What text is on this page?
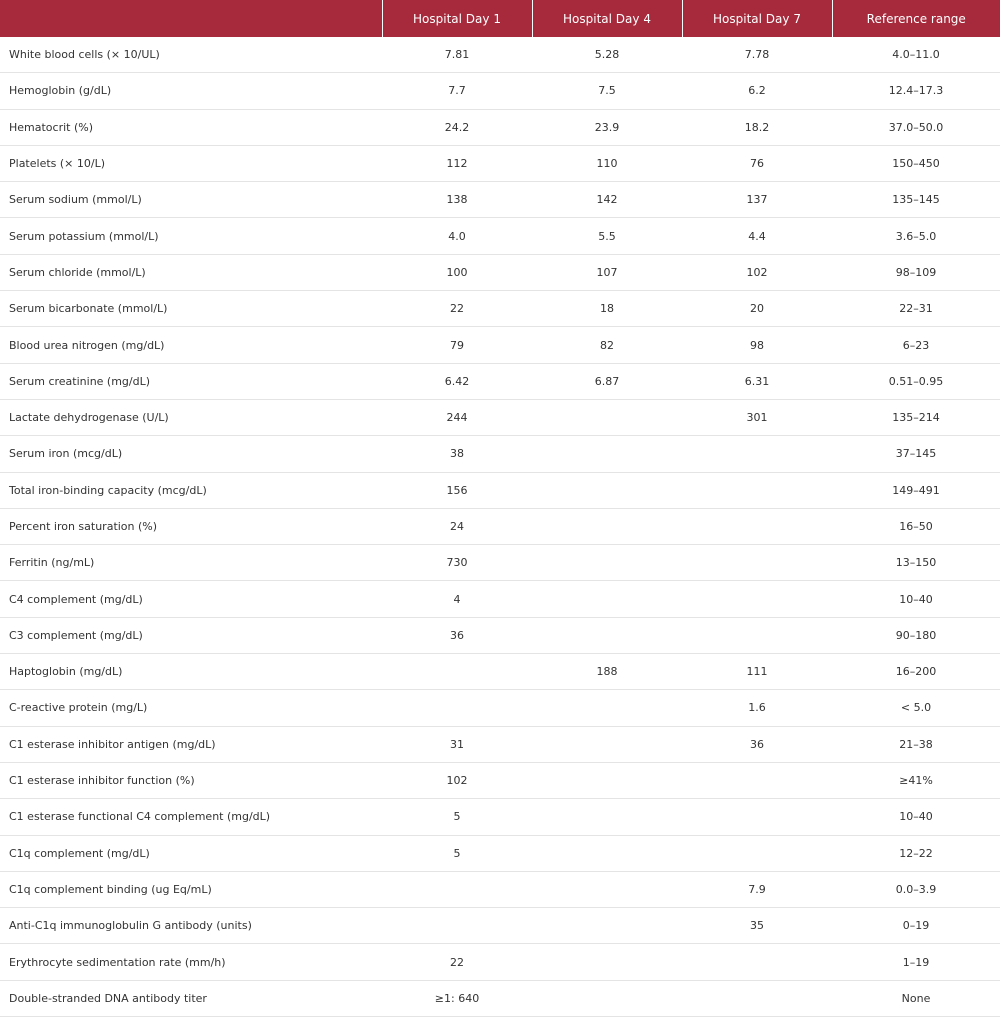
	Hospital Day 1	Hospital Day 4	Hospital Day 7	Reference range
White blood cells (× 10/UL)	7.81	5.28	7.78	4.0–11.0
Hemoglobin (g/dL)	7.7	7.5	6.2	12.4–17.3
Hematocrit (%)	24.2	23.9	18.2	37.0–50.0
Platelets (× 10/L)	112	110	76	150–450
Serum sodium (mmol/L)	138	142	137	135–145
Serum potassium (mmol/L)	4.0	5.5	4.4	3.6–5.0
Serum chloride (mmol/L)	100	107	102	98–109
Serum bicarbonate (mmol/L)	22	18	20	22–31
Blood urea nitrogen (mg/dL)	79	82	98	6–23
Serum creatinine (mg/dL)	6.42	6.87	6.31	0.51–0.95
Lactate dehydrogenase (U/L)	244		301	135–214
Serum iron (mcg/dL)	38			37–145
Total iron-binding capacity (mcg/dL)	156			149–491
Percent iron saturation (%)	24			16–50
Ferritin (ng/mL)	730			13–150
C4 complement (mg/dL)	4			10–40
C3 complement (mg/dL)	36			90–180
Haptoglobin (mg/dL)		188	111	16–200
C-reactive protein (mg/L)			1.6	< 5.0
C1 esterase inhibitor antigen (mg/dL)	31		36	21–38
C1 esterase inhibitor function (%)	102			≥41%
C1 esterase functional C4 complement (mg/dL)	5			10–40
C1q complement (mg/dL)	5			12–22
C1q complement binding (ug Eq/mL)			7.9	0.0–3.9
Anti-C1q immunoglobulin G antibody (units)			35	0–19
Erythrocyte sedimentation rate (mm/h)	22			1–19
Double-stranded DNA antibody titer	≥1: 640			None
